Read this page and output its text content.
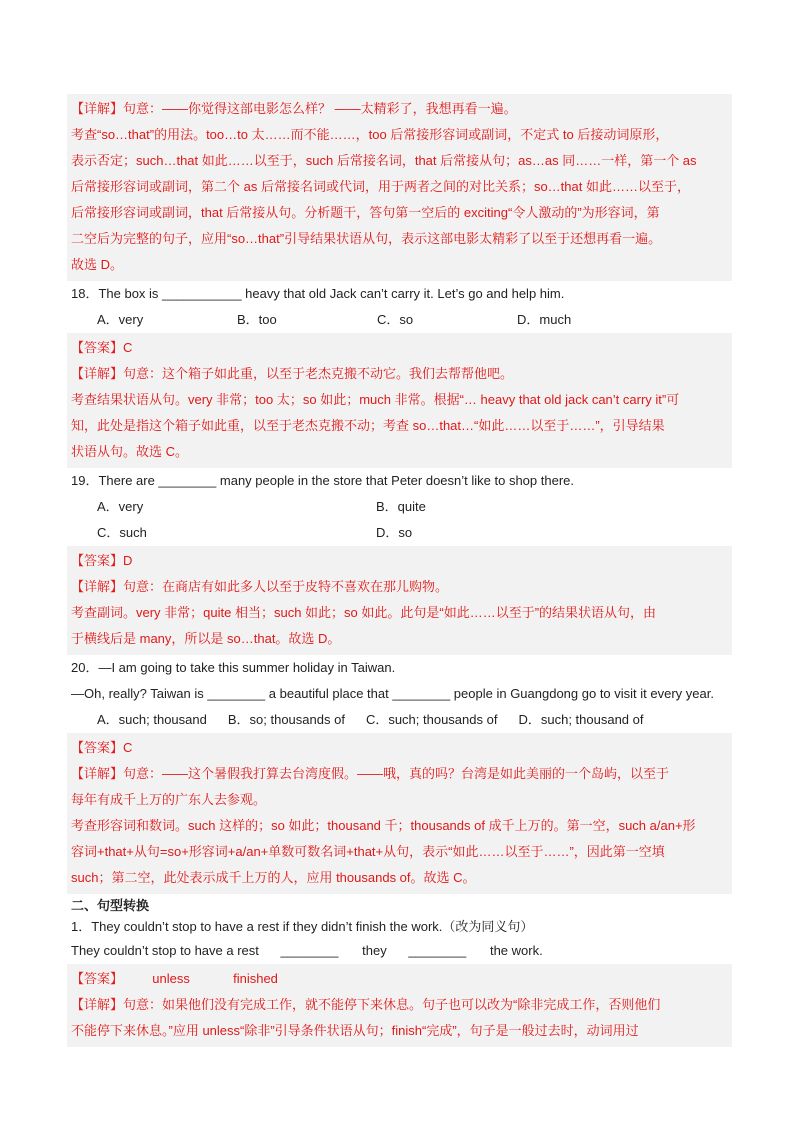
【详解】句意：——你觉得这部电影怎么样？ ——太精彩了，我想再看一遍。

考查“so…that”的用法。too…to 太……而不能……，too 后常接形容词或副词，不定式 to 后接动词原形，

表示否定；such…that 如此……以至于，such 后常接名词，that 后常接从句；as…as 同……一样，第一个 as

后常接形容词或副词，第二个 as 后常接名词或代词，用于两者之间的对比关系；so…that 如此……以至于，

后常接形容词或副词，that 后常接从句。分析题干，答句第一空后的 exciting“令人激动的”为形容词，第

二空后为完整的句子，应用“so…that”引导结果状语从句，表示这部电影太精彩了以至于还想再看一遍。

故选 D。

18．The box is ___________ heavy that old Jack can’t carry it. Let’s go and help him.

A．very	B．too	C．so	D．much

【答案】C

【详解】句意：这个箱子如此重，以至于老杰克搬不动它。我们去帮帮他吧。

考查结果状语从句。very 非常；too 太；so 如此；much 非常。根据“… heavy that old jack can’t carry it”可

知，此处是指这个箱子如此重，以至于老杰克搬不动；考查 so…that…“如此……以至于……”，引导结果

状语从句。故选 C。

19．There are ________ many people in the store that Peter doesn’t like to shop there.

A．very	B．quite
C．such	D．so

【答案】D

【详解】句意：在商店有如此多人以至于皮特不喜欢在那儿购物。

考查副词。very 非常；quite 相当；such 如此；so 如此。此句是“如此……以至于”的结果状语从句，由

于横线后是 many，所以是 so…that。故选 D。

20．—I am going to take this summer holiday in Taiwan.

—Oh, really? Taiwan is ________ a beautiful place that ________ people in Guangdong go to visit it every year.

A．such; thousand B．so; thousands of C．such; thousands of D．such; thousand of

【答案】C

【详解】句意：——这个暑假我打算去台湾度假。——哦，真的吗？台湾是如此美丽的一个岛屿，以至于

每年有成千上万的广东人去参观。

考查形容词和数词。such 这样的；so 如此；thousand 千；thousands of 成千上万的。第一空，such a/an+形

容词+that+从句=so+形容词+a/an+单数可数名词+that+从句，表示“如此……以至于……”，因此第一空填

such；第二空，此处表示成千上万的人，应用 thousands of。故选 C。

二、句型转换

1．They couldn’t stop to have a rest if they didn’t finish the work.（改为同义句）

They couldn’t stop to have a rest ________ they ________ the work.

【答案】 unless	finished

【详解】句意：如果他们没有完成工作，就不能停下来休息。句子也可以改为“除非完成工作，否则他们

不能停下来休息。”应用 unless“除非”引导条件状语从句；finish“完成”，句子是一般过去时，动词用过
